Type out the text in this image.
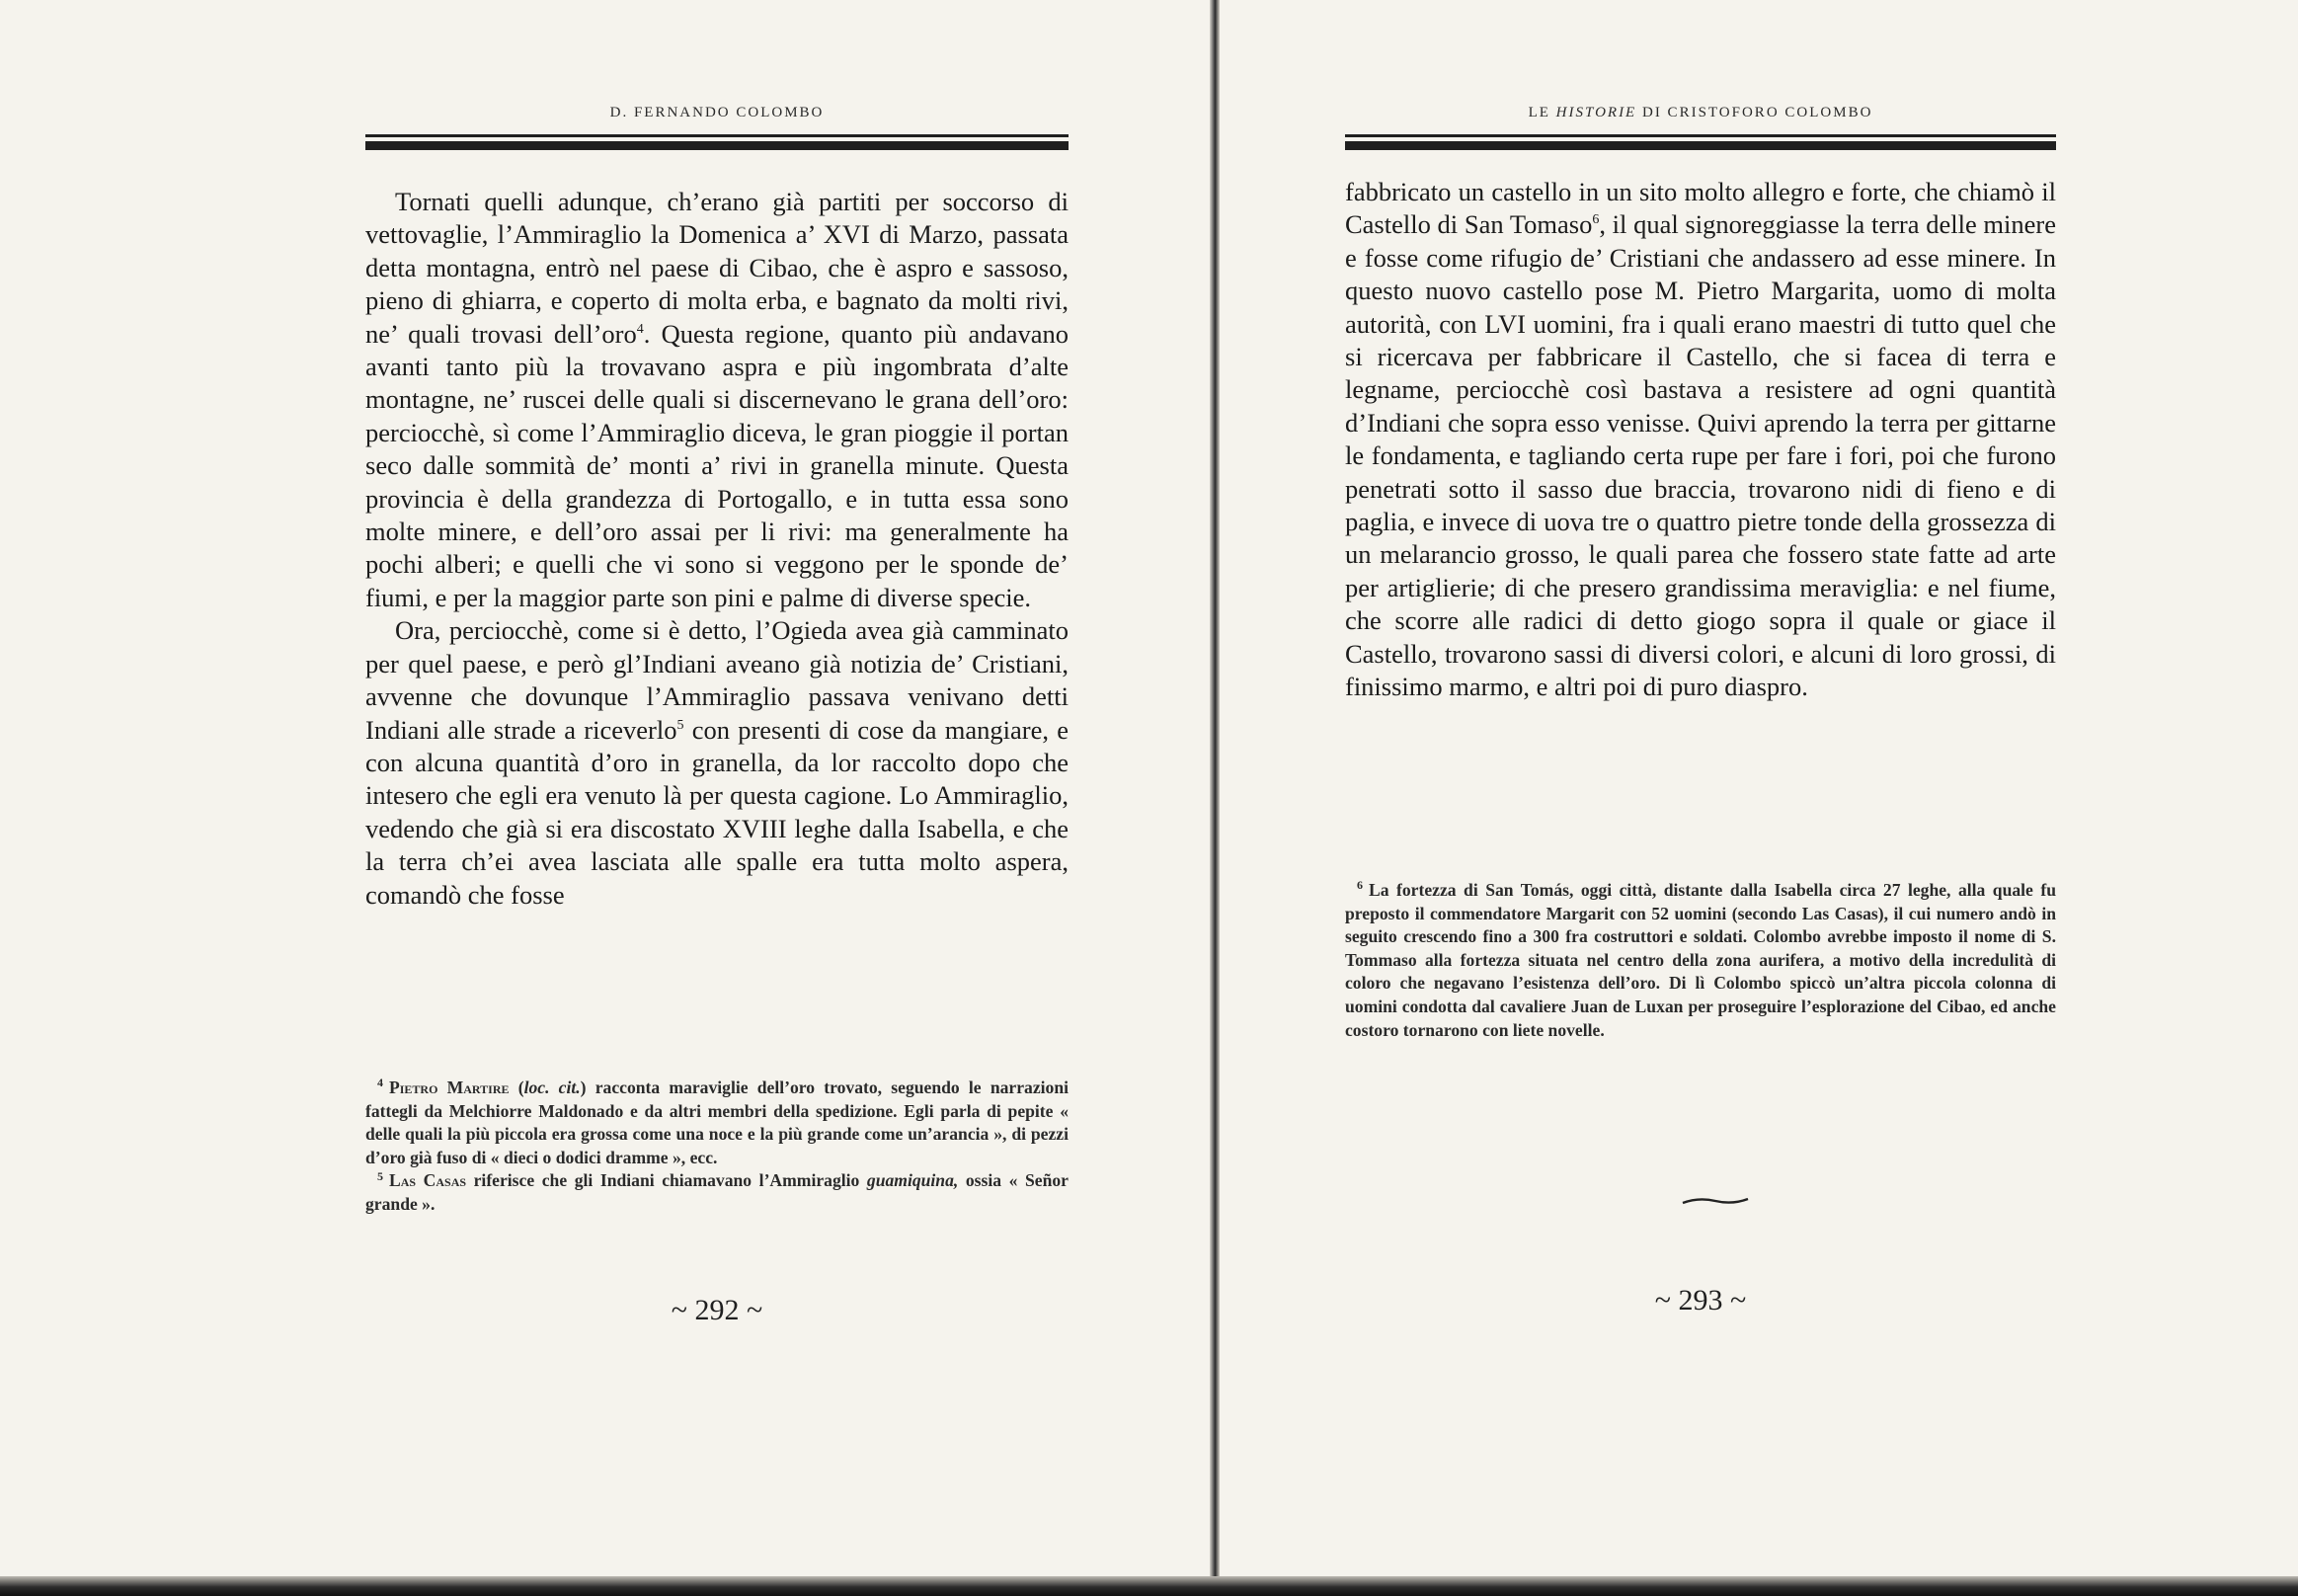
D. FERNANDO COLOMBO

Tornati quelli adunque, ch’erano già partiti per soccorso di vettovaglie, l’Ammiraglio la Domenica a’ XVI di Marzo, passata detta montagna, entrò nel paese di Cibao, che è aspro e sassoso, pieno di ghiarra, e coperto di molta erba, e bagnato da molti rivi, ne’ quali trovasi dell’oro$^4$. Questa regione, quanto più andavano avanti tanto più la trovavano aspra e più ingombrata d’alte montagne, ne’ ruscei delle quali si discernevano le grana dell’oro: perciocchè, sì come l’Ammiraglio diceva, le gran pioggie il portan seco dalle sommità de’ monti a’ rivi in granella minute. Questa provincia è della grandezza di Portogallo, e in tutta essa sono molte minere, e dell’oro assai per li rivi: ma generalmente ha pochi alberi; e quelli che vi sono si veggono per le sponde de’ fiumi, e per la maggior parte son pini e palme di diverse specie.

Ora, perciocchè, come si è detto, l’Ogieda avea già camminato per quel paese, e però gl’Indiani aveano già notizia de’ Cristiani, avvenne che dovunque l’Ammiraglio passava venivano detti Indiani alle strade a riceverlo$^5$ con presenti di cose da mangiare, e con alcuna quantità d’oro in granella, da lor raccolto dopo che intesero che egli era venuto là per questa cagione. Lo Ammiraglio, vedendo che già si era discostato XVIII leghe dalla Isabella, e che la terra ch’ei avea lasciata alle spalle era tutta molto aspera, comandò che fosse

$^4$ Pietro Martire (loc. cit.) racconta maraviglie dell’oro trovato, seguendo le narrazioni fattegli da Melchiorre Maldonado e da altri membri della spedizione. Egli parla di pepite « delle quali la più piccola era grossa come una noce e la più grande come un’arancia », di pezzi d’oro già fuso di « dieci o dodici dramme », ecc.

$^5$ Las Casas riferisce che gli Indiani chiamavano l’Ammiraglio guamiquina, ossia « Señor grande ».

~ 292 ~
LE HISTORIE DI CRISTOFORO COLOMBO

fabbricato un castello in un sito molto allegro e forte, che chiamò il Castello di San Tomaso$^6$, il qual signoreggiasse la terra delle minere e fosse come rifugio de’ Cristiani che andassero ad esse minere. In questo nuovo castello pose M. Pietro Margarita, uomo di molta autorità, con LVI uomini, fra i quali erano maestri di tutto quel che si ricercava per fabbricare il Castello, che si facea di terra e legname, perciocchè così bastava a resistere ad ogni quantità d’Indiani che sopra esso venisse. Quivi aprendo la terra per gittarne le fondamenta, e tagliando certa rupe per fare i fori, poi che furono penetrati sotto il sasso due braccia, trovarono nidi di fieno e di paglia, e invece di uova tre o quattro pietre tonde della grossezza di un melarancio grosso, le quali parea che fossero state fatte ad arte per artiglierie; di che presero grandissima meraviglia: e nel fiume, che scorre alle radici di detto giogo sopra il quale or giace il Castello, trovarono sassi di diversi colori, e alcuni di loro grossi, di finissimo marmo, e altri poi di puro diaspro.

$^6$ La fortezza di San Tomás, oggi città, distante dalla Isabella circa 27 leghe, alla quale fu preposto il commendatore Margarit con 52 uomini (secondo Las Casas), il cui numero andò in seguito crescendo fino a 300 fra costruttori e soldati. Colombo avrebbe imposto il nome di S. Tommaso alla fortezza situata nel centro della zona aurifera, a motivo della incredulità di coloro che negavano l’esistenza dell’oro. Di lì Colombo spiccò un’altra piccola colonna di uomini condotta dal cavaliere Juan de Luxan per proseguire l’esplorazione del Cibao, ed anche costoro tornarono con liete novelle.

~ 293 ~
